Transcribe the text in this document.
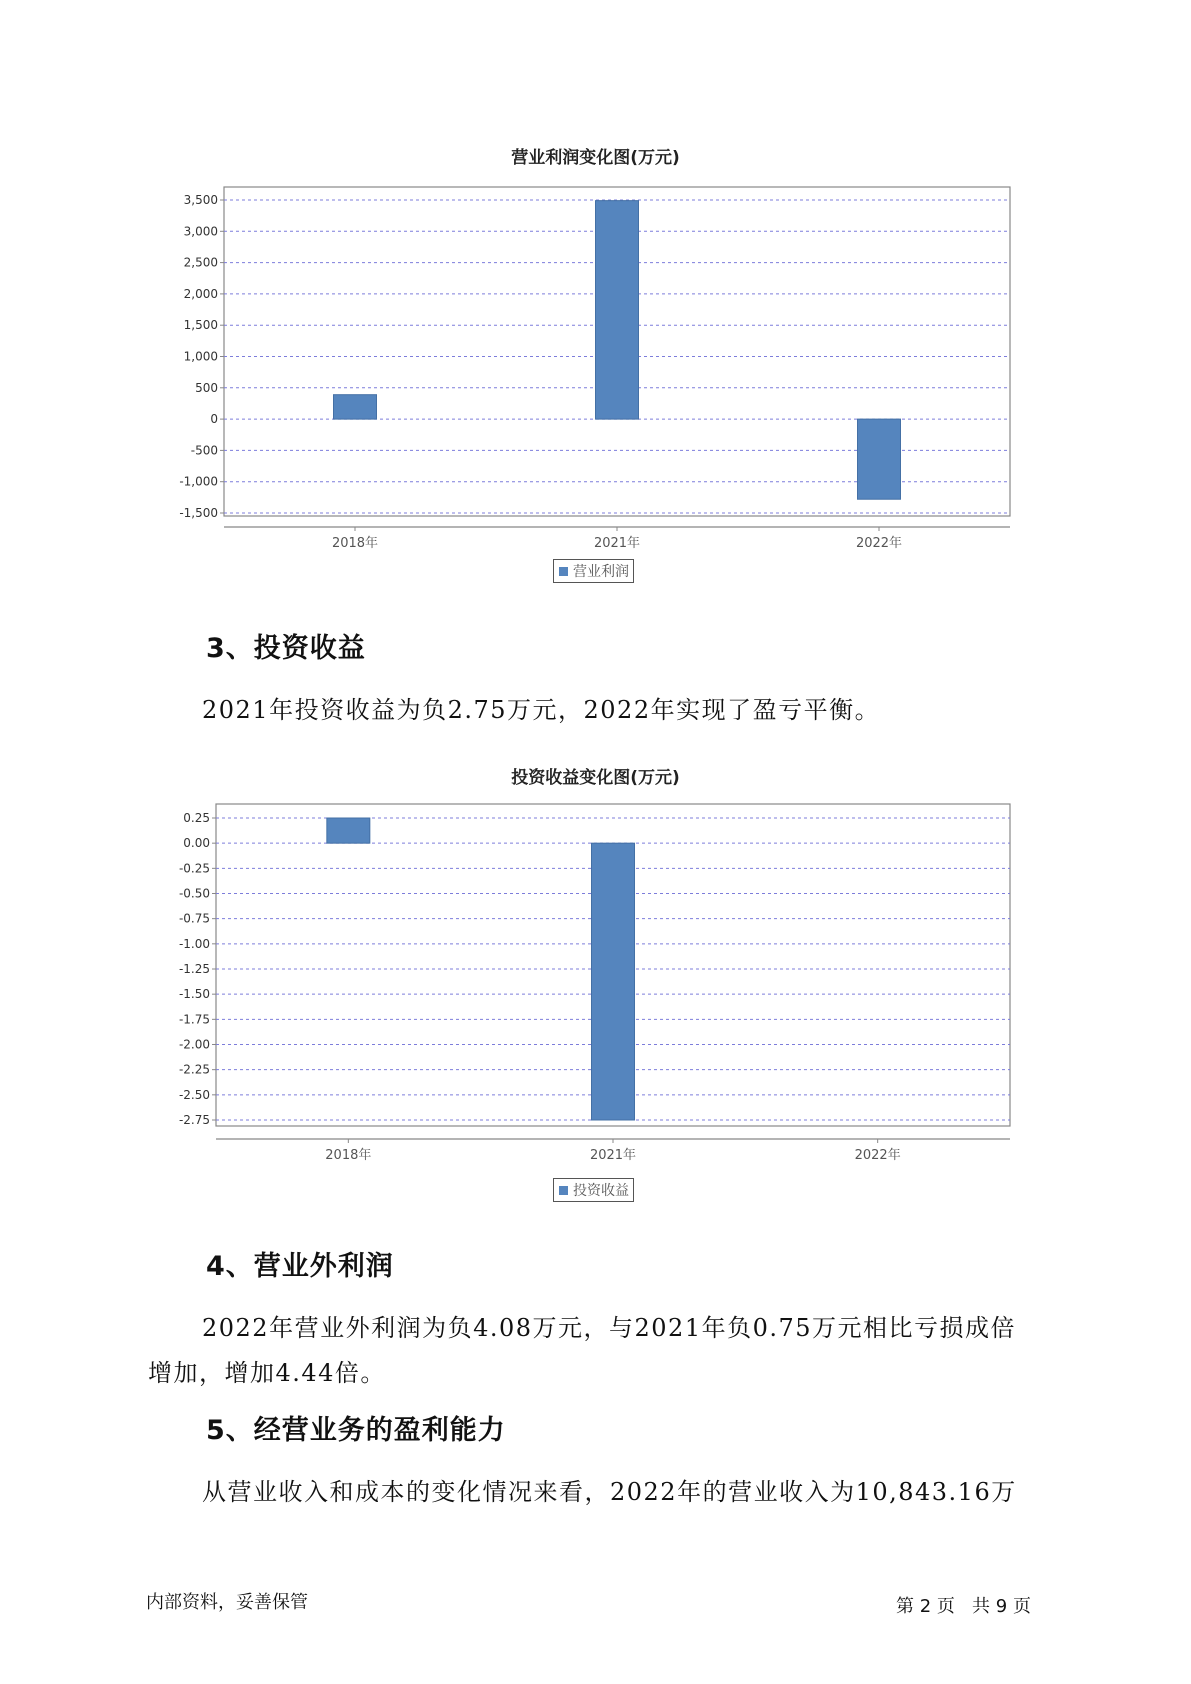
营业利润变化图(万元)
3,500
3,000
2,500
2,000
1,500
1,000
500
0
-500
-1,000
-1,500
2018年	2021年	2022年
营业利润
3、投资收益
2021年投资收益为负2.75万元，2022年实现了盈亏平衡。
投资收益变化图(万元)
0.25
0.00
-0.25
-0.50
-0.75
-1.00
-1.25
-1.50
-1.75
-2.00
-2.25
-2.50
-2.75
2018年	2021年	2022年
投资收益
4、营业外利润
2022年营业外利润为负4.08万元，与2021年负0.75万元相比亏损成倍
增加，增加4.44倍。
5、经营业务的盈利能力
从营业收入和成本的变化情况来看，2022年的营业收入为10,843.16万
内部资料，妥善保管	第 2 页   共 9 页
